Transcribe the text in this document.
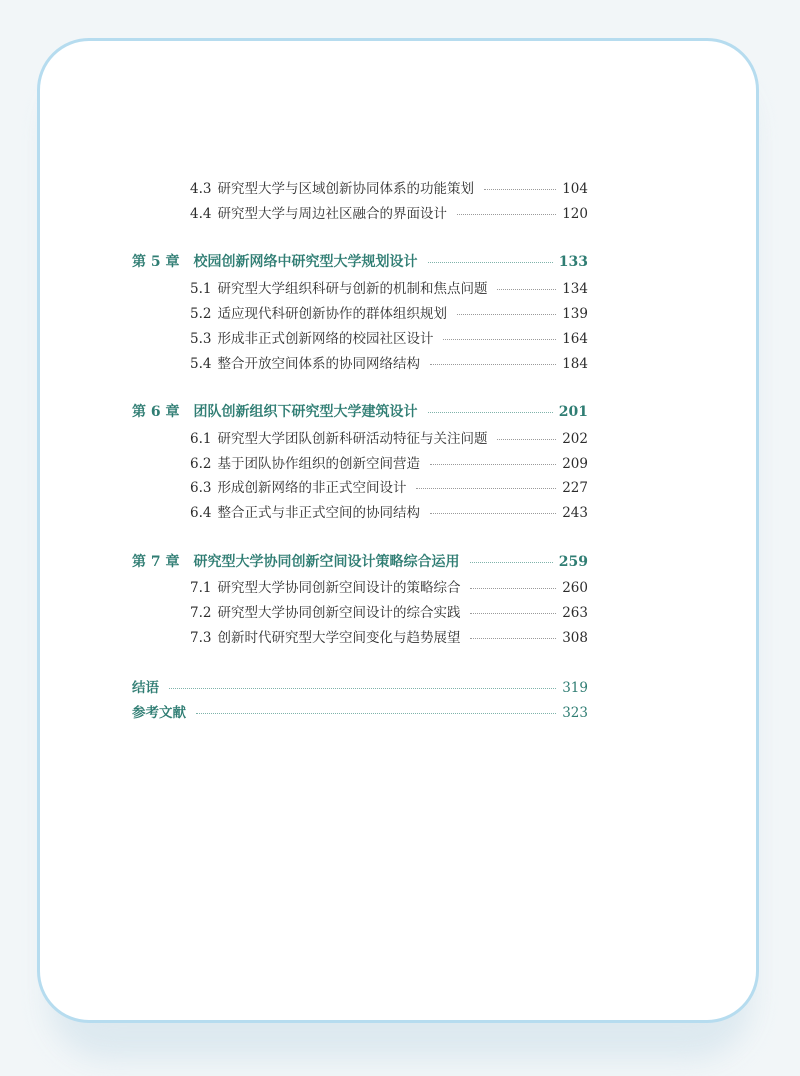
4.3 研究型大学与区域创新协同体系的功能策划	104
4.4 研究型大学与周边社区融合的界面设计	120
第 5 章 校园创新网络中研究型大学规划设计	133
5.1 研究型大学组织科研与创新的机制和焦点问题	134
5.2 适应现代科研创新协作的群体组织规划	139
5.3 形成非正式创新网络的校园社区设计	164
5.4 整合开放空间体系的协同网络结构	184
第 6 章 团队创新组织下研究型大学建筑设计	201
6.1 研究型大学团队创新科研活动特征与关注问题	202
6.2 基于团队协作组织的创新空间营造	209
6.3 形成创新网络的非正式空间设计	227
6.4 整合正式与非正式空间的协同结构	243
第 7 章 研究型大学协同创新空间设计策略综合运用	259
7.1 研究型大学协同创新空间设计的策略综合	260
7.2 研究型大学协同创新空间设计的综合实践	263
7.3 创新时代研究型大学空间变化与趋势展望	308
结语	319
参考文献	323
